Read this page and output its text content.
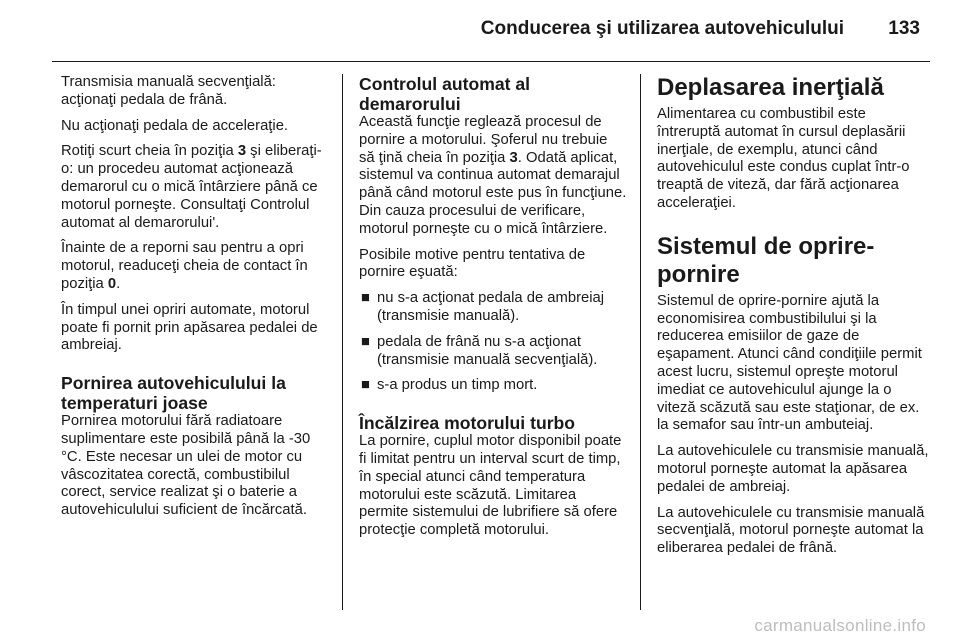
Conducerea şi utilizarea autovehiculului 133

Transmisia manuală secvenţială: acţionaţi pedala de frână.

Nu acţionaţi pedala de acceleraţie.

Rotiţi scurt cheia în poziţia 3 şi eliberaţi-o: un procedeu automat acţionează demarorul cu o mică întârziere până ce motorul porneşte. Consultaţi Controlul automat al demarorului'.

Înainte de a reporni sau pentru a opri motorul, readuceţi cheia de contact în poziţia 0.

În timpul unei opriri automate, motorul poate fi pornit prin apăsarea pedalei de ambreiaj.

Pornirea autovehiculului la temperaturi joase

Pornirea motorului fără radiatoare suplimentare este posibilă până la -30 °C. Este necesar un ulei de motor cu vâscozitatea corectă, combustibilul corect, service realizat şi o baterie a autovehiculului suficient de încărcată.

Controlul automat al demarorului

Această funcţie reglează procesul de pornire a motorului. Şoferul nu trebuie să ţină cheia în poziţia 3. Odată aplicat, sistemul va continua automat demarajul până când motorul este pus în funcţiune. Din cauza procesului de verificare, motorul porneşte cu o mică întârziere.

Posibile motive pentru tentativa de pornire eşuată:

■ nu s-a acţionat pedala de ambreiaj (transmisie manuală).
■ pedala de frână nu s-a acţionat (transmisie manuală secvenţială).
■ s-a produs un timp mort.
Încălzirea motorului turbo

La pornire, cuplul motor disponibil poate fi limitat pentru un interval scurt de timp, în special atunci când temperatura motorului este scăzută. Limitarea permite sistemului de lubrifiere să ofere protecţie completă motorului.

Deplasarea inerţială

Alimentarea cu combustibil este întreruptă automat în cursul deplasării inerţiale, de exemplu, atunci când autovehiculul este condus cuplat într-o treaptă de viteză, dar fără acţionarea acceleraţiei.

Sistemul de oprire-pornire

Sistemul de oprire-pornire ajută la economisirea combustibilului şi la reducerea emisiilor de gaze de eşapament. Atunci când condiţiile permit acest lucru, sistemul opreşte motorul imediat ce autovehiculul ajunge la o viteză scăzută sau este staţionar, de ex. la semafor sau într-un ambuteiaj.

La autovehiculele cu transmisie manuală, motorul porneşte automat la apăsarea pedalei de ambreiaj.

La autovehiculele cu transmisie manuală secvenţială, motorul porneşte automat la eliberarea pedalei de frână.

carmanualsonline.info
